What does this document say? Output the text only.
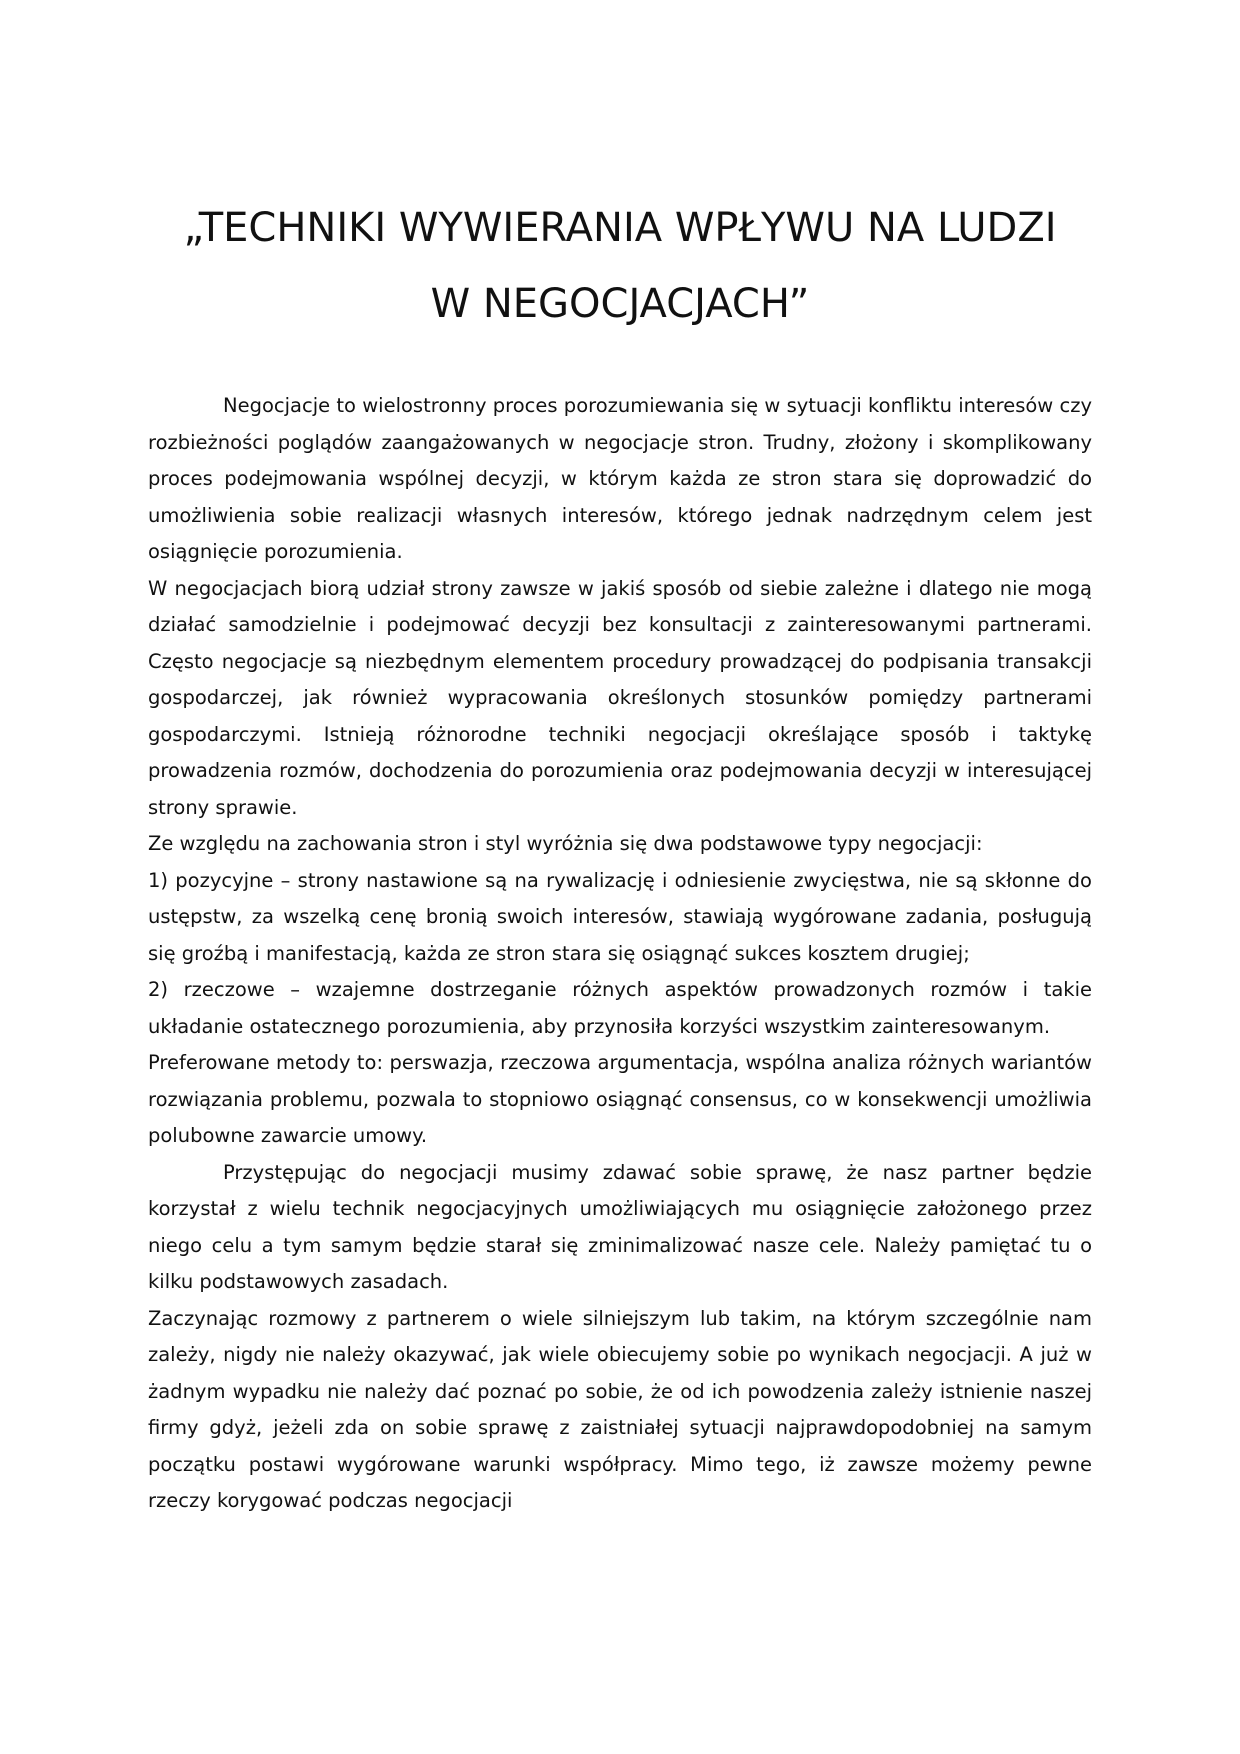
„TECHNIKI WYWIERANIA WPŁYWU NA LUDZI
W NEGOCJACJACH”

Negocjacje to wielostronny proces porozumiewania się w sytuacji konfliktu interesów czy rozbieżności poglądów zaangażowanych w negocjacje stron. Trudny, złożony i skomplikowany proces podejmowania wspólnej decyzji, w którym każda ze stron stara się doprowadzić do umożliwienia sobie realizacji własnych interesów, którego jednak nadrzędnym celem jest osiągnięcie porozumienia.

W negocjacjach biorą udział strony zawsze w jakiś sposób od siebie zależne i dlatego nie mogą działać samodzielnie i podejmować decyzji bez konsultacji z zainteresowanymi partnerami. Często negocjacje są niezbędnym elementem procedury prowadzącej do podpisania transakcji gospodarczej, jak również wypracowania określonych stosunków pomiędzy partnerami gospodarczymi. Istnieją różnorodne techniki negocjacji określające sposób i taktykę prowadzenia rozmów, dochodzenia do porozumienia oraz podejmowania decyzji w interesującej strony sprawie.

Ze względu na zachowania stron i styl wyróżnia się dwa podstawowe typy negocjacji:

1) pozycyjne – strony nastawione są na rywalizację i odniesienie zwycięstwa, nie są skłonne do ustępstw, za wszelką cenę bronią swoich interesów, stawiają wygórowane zadania, posługują się groźbą i manifestacją, każda ze stron stara się osiągnąć sukces kosztem drugiej;

2) rzeczowe – wzajemne dostrzeganie różnych aspektów prowadzonych rozmów i takie układanie ostatecznego porozumienia, aby przynosiła korzyści wszystkim zainteresowanym.

Preferowane metody to: perswazja, rzeczowa argumentacja, wspólna analiza różnych wariantów rozwiązania problemu, pozwala to stopniowo osiągnąć consensus, co w konsekwencji umożliwia polubowne zawarcie umowy.

Przystępując do negocjacji musimy zdawać sobie sprawę, że nasz partner będzie korzystał z wielu technik negocjacyjnych umożliwiających mu osiągnięcie założonego przez niego celu a tym samym będzie starał się zminimalizować nasze cele. Należy pamiętać tu o kilku podstawowych zasadach.

Zaczynając rozmowy z partnerem o wiele silniejszym lub takim, na którym szczególnie nam zależy, nigdy nie należy okazywać, jak wiele obiecujemy sobie po wynikach negocjacji. A już w żadnym wypadku nie należy dać poznać po sobie, że od ich powodzenia zależy istnienie naszej firmy gdyż, jeżeli zda on sobie sprawę z zaistniałej sytuacji najprawdopodobniej na samym początku postawi wygórowane warunki współpracy. Mimo tego, iż zawsze możemy pewne rzeczy korygować podczas negocjacji
